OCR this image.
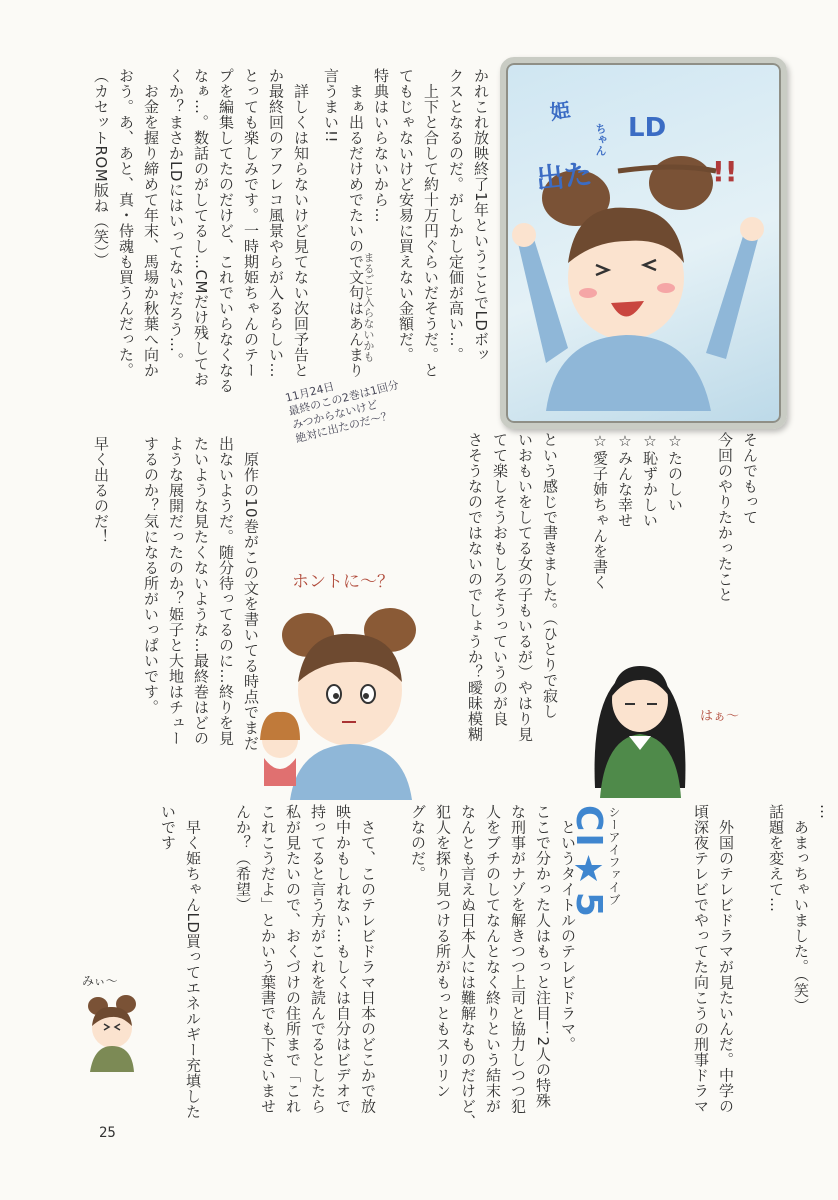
かれこれ放映終了1年ということでLDボッ
クスとなるのだ。がしかし定価が高い…。
　上下と合して約十万円ぐらいだそうだ。と
てもじゃないけど安易に買えない金額だ。
特典はいらないから…
　まぁ出るだけめでたいので文句はあんまり
言うまい!!
　詳しくは知らないけど見てない次回予告と
か最終回のアフレコ風景やらが入るらしい…
とっても楽しみです。一時期姫ちゃんのテー
プを編集してたのだけど、これでいらなくなる
なぁ…。数話のがしてるし…CMだけ残してお
くか？まさかLDにはいってないだろう…。
　お金を握り締めて年末、馬場か秋葉へ向か
おう。あ、あと、真・侍魂も買うんだった。
（カセットROM版ね（笑））
まるごと入らないかも
11月24日
最終のこの2巻は1回分
みつからないけど
絶対に出たのだ〜？
姫
ちゃん LD
出た	!!
そんでもって
今回のやりたかったこと

☆たのしい
☆恥ずかしい
☆みんな幸せ
☆愛子姉ちゃんを書く

という感じで書きました。（ひとりで寂し
いおもいをしてる女の子もいるが）やはり見
てて楽しそうおもしろそうっていうのが良
さそうなのではないのでしょうか？曖昧模糊
　原作の10巻がこの文を書いてる時点でまだ
出ないようだ。随分待ってるのに…終りを見
たいような見たくないような…最終巻はどの
ような展開だったのか？姫子と大地はチュー
するのか？気になる所がいっぱいです。

早く出るのだ！
ホントに〜？
はぁ〜
…
　あまっちゃいました。（笑）
話題を変えて…

　外国のテレビドラマが見たいんだ。中学の
頃深夜テレビでやってた向こうの刑事ドラマ
シーアイファイブ
CI★5
　というタイトルのテレビドラマ。
ここで分かった人はもっと注目！2人の特殊
な刑事がナゾを解きつつ上司と協力しつつ犯
人をブチのしてなんとなく終りという結末が
なんとも言えぬ日本人には難解なものだけど、
犯人を探り見つける所がもっともスリリン
グなのだ。

　さて、このテレビドラマ日本のどこかで放
映中かもしれない…もしくは自分はビデオで
持ってると言う方がこれを読んでるとしたら
私が見たいので、おくづけの住所まで「これ
これこうだよ」とかいう葉書でも下さいませ
んか？（希望）

　早く姫ちゃんLD買ってエネルギー充填した
いです
みぃ〜
25
